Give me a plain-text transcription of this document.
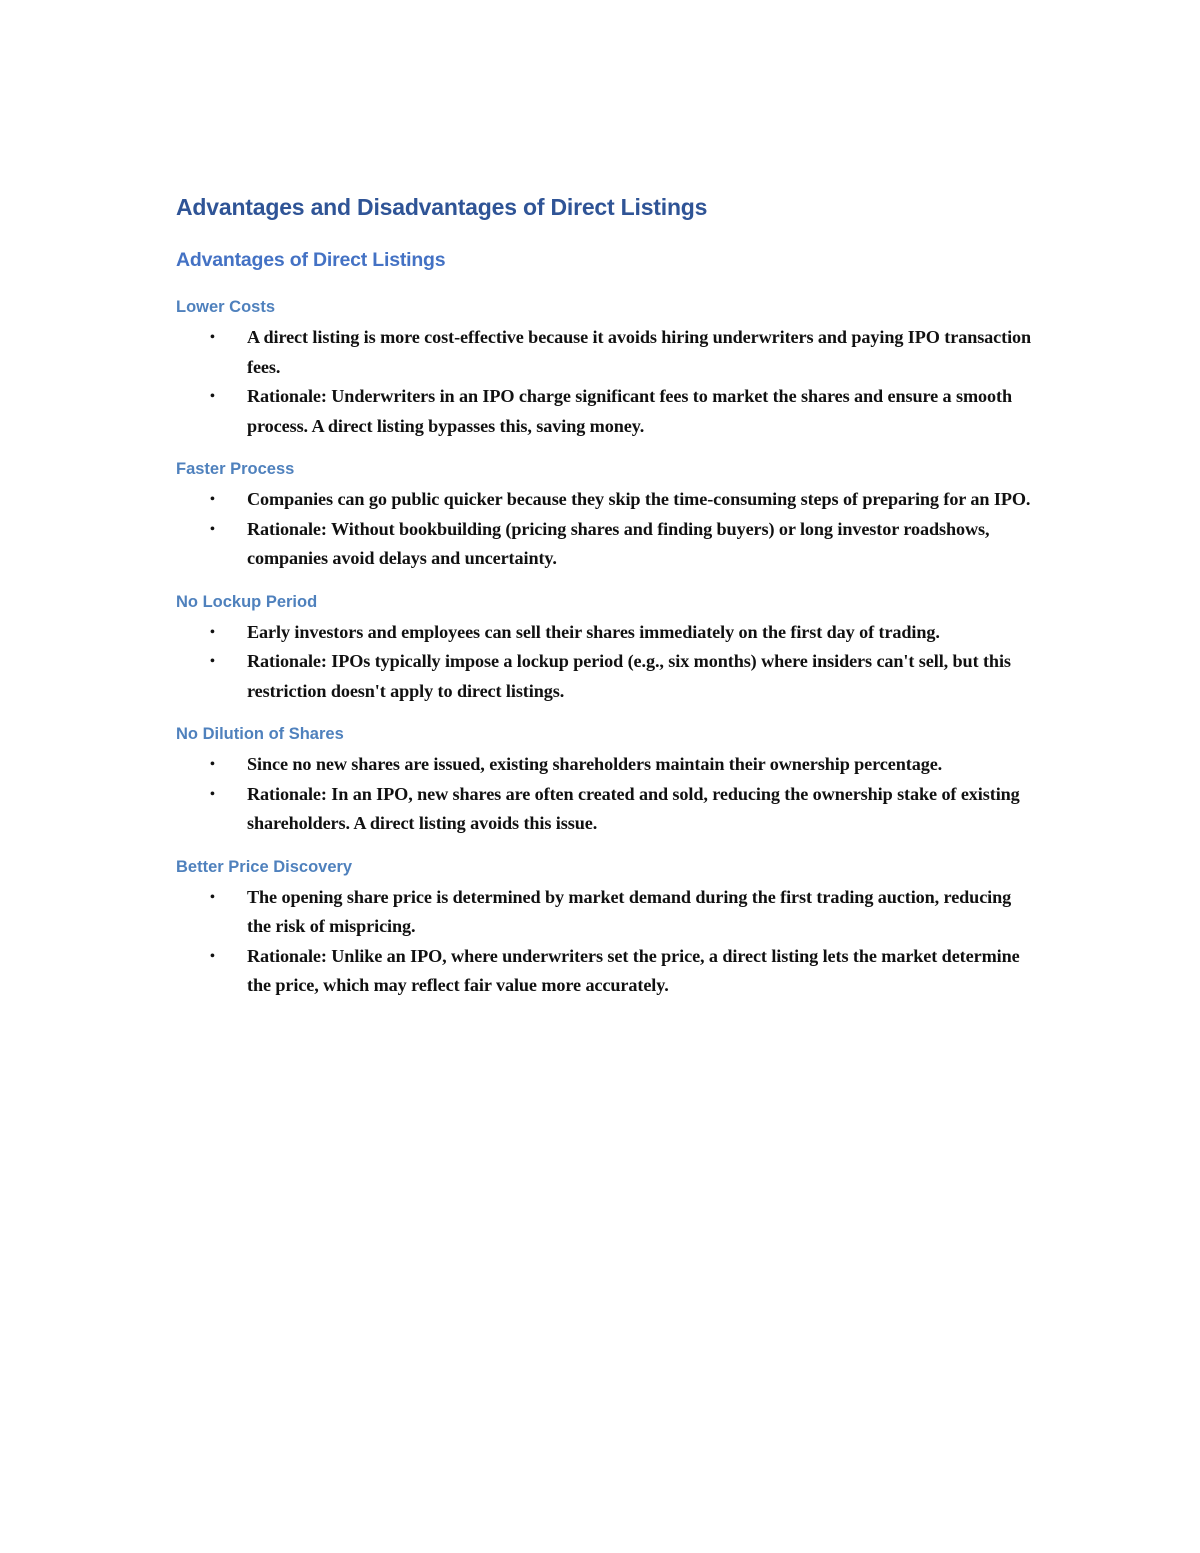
Advantages and Disadvantages of Direct Listings
Advantages of Direct Listings
Lower Costs
• A direct listing is more cost-effective because it avoids hiring underwriters and paying IPO transaction fees.
• Rationale: Underwriters in an IPO charge significant fees to market the shares and ensure a smooth process. A direct listing bypasses this, saving money.
Faster Process
• Companies can go public quicker because they skip the time-consuming steps of preparing for an IPO.
• Rationale: Without bookbuilding (pricing shares and finding buyers) or long investor roadshows, companies avoid delays and uncertainty.
No Lockup Period
• Early investors and employees can sell their shares immediately on the first day of trading.
• Rationale: IPOs typically impose a lockup period (e.g., six months) where insiders can't sell, but this restriction doesn't apply to direct listings.
No Dilution of Shares
• Since no new shares are issued, existing shareholders maintain their ownership percentage.
• Rationale: In an IPO, new shares are often created and sold, reducing the ownership stake of existing shareholders. A direct listing avoids this issue.
Better Price Discovery
• The opening share price is determined by market demand during the first trading auction, reducing the risk of mispricing.
• Rationale: Unlike an IPO, where underwriters set the price, a direct listing lets the market determine the price, which may reflect fair value more accurately.
